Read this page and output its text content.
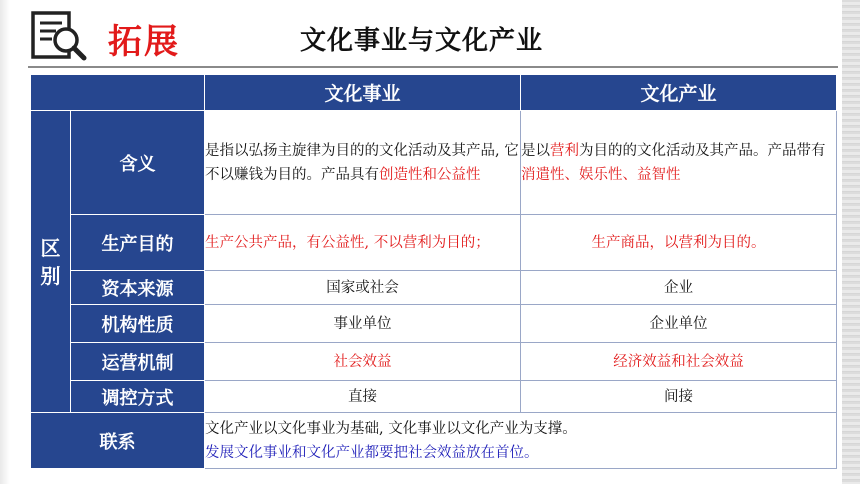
拓展	文化事业与文化产业
		文化事业	文化产业
区别	含义	是指以弘扬主旋律为目的的文化活动及其产品, 它不以赚钱为目的。产品具有创造性和公益性	是以营利为目的的文化活动及其产品。产品带有消遣性、娱乐性、益智性
	生产目的	生产公共产品，有公益性, 不以营利为目的；	生产商品，以营利为目的。
	资本来源	国家或社会	企业
	机构性质	事业单位	企业单位
	运营机制	社会效益	经济效益和社会效益
	调控方式	直接	间接
联系		文化产业以文化事业为基础, 文化事业以文化产业为支撑。
发展文化事业和文化产业都要把社会效益放在首位。	
